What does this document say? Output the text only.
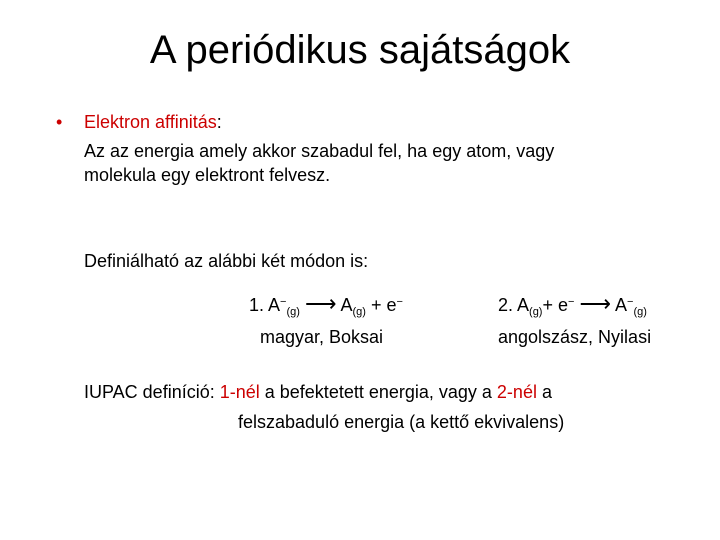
A periódikus sajátságok
• Elektron affinitás:
Az az energia amely akkor szabadul fel, ha egy atom, vagy
molekula egy elektront felvesz.
Definiálható az alábbi két módon is:
1. $A^-_{(g)}$ ⟶ $A_{(g)} + e^-$	2. $A_{(g)}+ e^-$ ⟶ $A^-_{(g)}$
magyar, Boksai	angolszász, Nyilasi
IUPAC definíció: 1-nél a befektetett energia, vagy a 2-nél a
felszabaduló energia (a kettő ekvivalens)
